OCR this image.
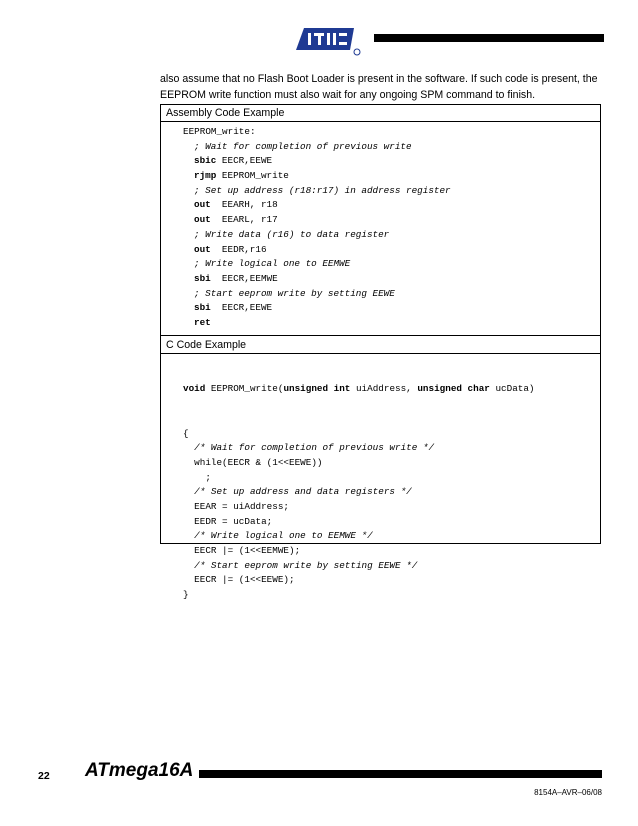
also assume that no Flash Boot Loader is present in the software. If such code is present, the
EEPROM write function must also wait for any ongoing SPM command to finish.
Assembly Code Example
EEPROM_write:
; Wait for completion of previous write
sbic EECR,EEWE
rjmp EEPROM_write
; Set up address (r18:r17) in address register
out  EEARH, r18
out  EEARL, r17
; Write data (r16) to data register
out  EEDR,r16
; Write logical one to EEMWE
sbi  EECR,EEMWE
; Start eeprom write by setting EEWE
sbi  EECR,EEWE
ret
C Code Example

void EEPROM_write(unsigned int uiAddress, unsigned char ucData)

{
/* Wait for completion of previous write */
while(EECR & (1<<EEWE))
;
/* Set up address and data registers */
EEAR = uiAddress;
EEDR = ucData;
/* Write logical one to EEMWE */
EECR |= (1<<EEMWE);
/* Start eeprom write by setting EEWE */
EECR |= (1<<EEWE);
}

22 ATmega16A
8154A–AVR–06/08
